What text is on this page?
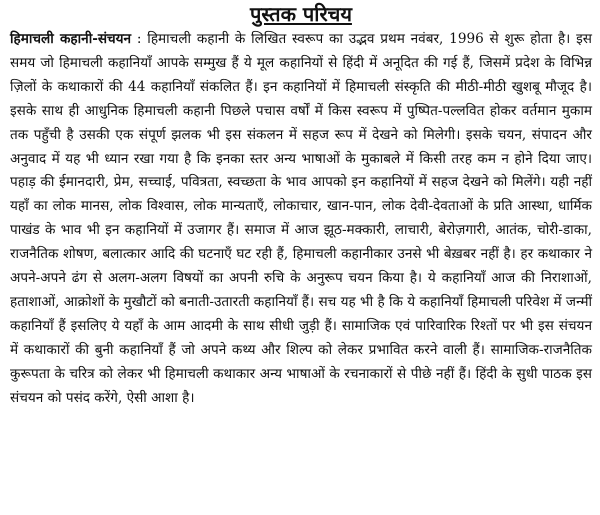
पुस्तक परिचय

हिमाचली कहानी-संचयन : हिमाचली कहानी के लिखित स्वरूप का उद्भव प्रथम नवंबर, 1996 से शुरू होता है। इस समय जो हिमाचली कहानियाँ आपके सम्मुख हैं ये मूल कहानियों से हिंदी में अनूदित की गई हैं, जिसमें प्रदेश के विभिन्न ज़िलों के कथाकारों की 44 कहानियाँ संकलित हैं। इन कहानियों में हिमाचली संस्कृति की मीठी-मीठी खुशबू मौजूद है। इसके साथ ही आधुनिक हिमाचली कहानी पिछले पचास वर्षों में किस स्वरूप में पुष्पित-पल्लवित होकर वर्तमान मुकाम तक पहुँची है उसकी एक संपूर्ण झलक भी इस संकलन में सहज रूप में देखने को मिलेगी। इसके चयन, संपादन और अनुवाद में यह भी ध्यान रखा गया है कि इनका स्तर अन्य भाषाओं के मुकाबले में किसी तरह कम न होने दिया जाए। पहाड़ की ईमानदारी, प्रेम, सच्चाई, पवित्रता, स्वच्छता के भाव आपको इन कहानियों में सहज देखने को मिलेंगे। यही नहीं यहाँ का लोक मानस, लोक विश्वास, लोक मान्यताएँ, लोकाचार, खान-पान, लोक देवी-देवताओं के प्रति आस्था, धार्मिक पाखंड के भाव भी इन कहानियों में उजागर हैं। समाज में आज झूठ-मक्कारी, लाचारी, बेरोज़गारी, आतंक, चोरी-डाका, राजनैतिक शोषण, बलात्कार आदि की घटनाएँ घट रही हैं, हिमाचली कहानीकार उनसे भी बेख़बर नहीं है। हर कथाकार ने अपने-अपने ढंग से अलग-अलग विषयों का अपनी रुचि के अनुरूप चयन किया है। ये कहानियाँ आज की निराशाओं, हताशाओं, आक्रोशों के मुखौटों को बनाती-उतारती कहानियाँ हैं। सच यह भी है कि ये कहानियाँ हिमाचली परिवेश में जन्मीं कहानियाँ हैं इसलिए ये यहाँ के आम आदमी के साथ सीधी जुड़ी हैं। सामाजिक एवं पारिवारिक रिश्तों पर भी इस संचयन में कथाकारों की बुनी कहानियाँ हैं जो अपने कथ्य और शिल्प को लेकर प्रभावित करने वाली हैं। सामाजिक-राजनैतिक कुरूपता के चरित्र को लेकर भी हिमाचली कथाकार अन्य भाषाओं के रचनाकारों से पीछे नहीं हैं। हिंदी के सुधी पाठक इस संचयन को पसंद करेंगे, ऐसी आशा है।
